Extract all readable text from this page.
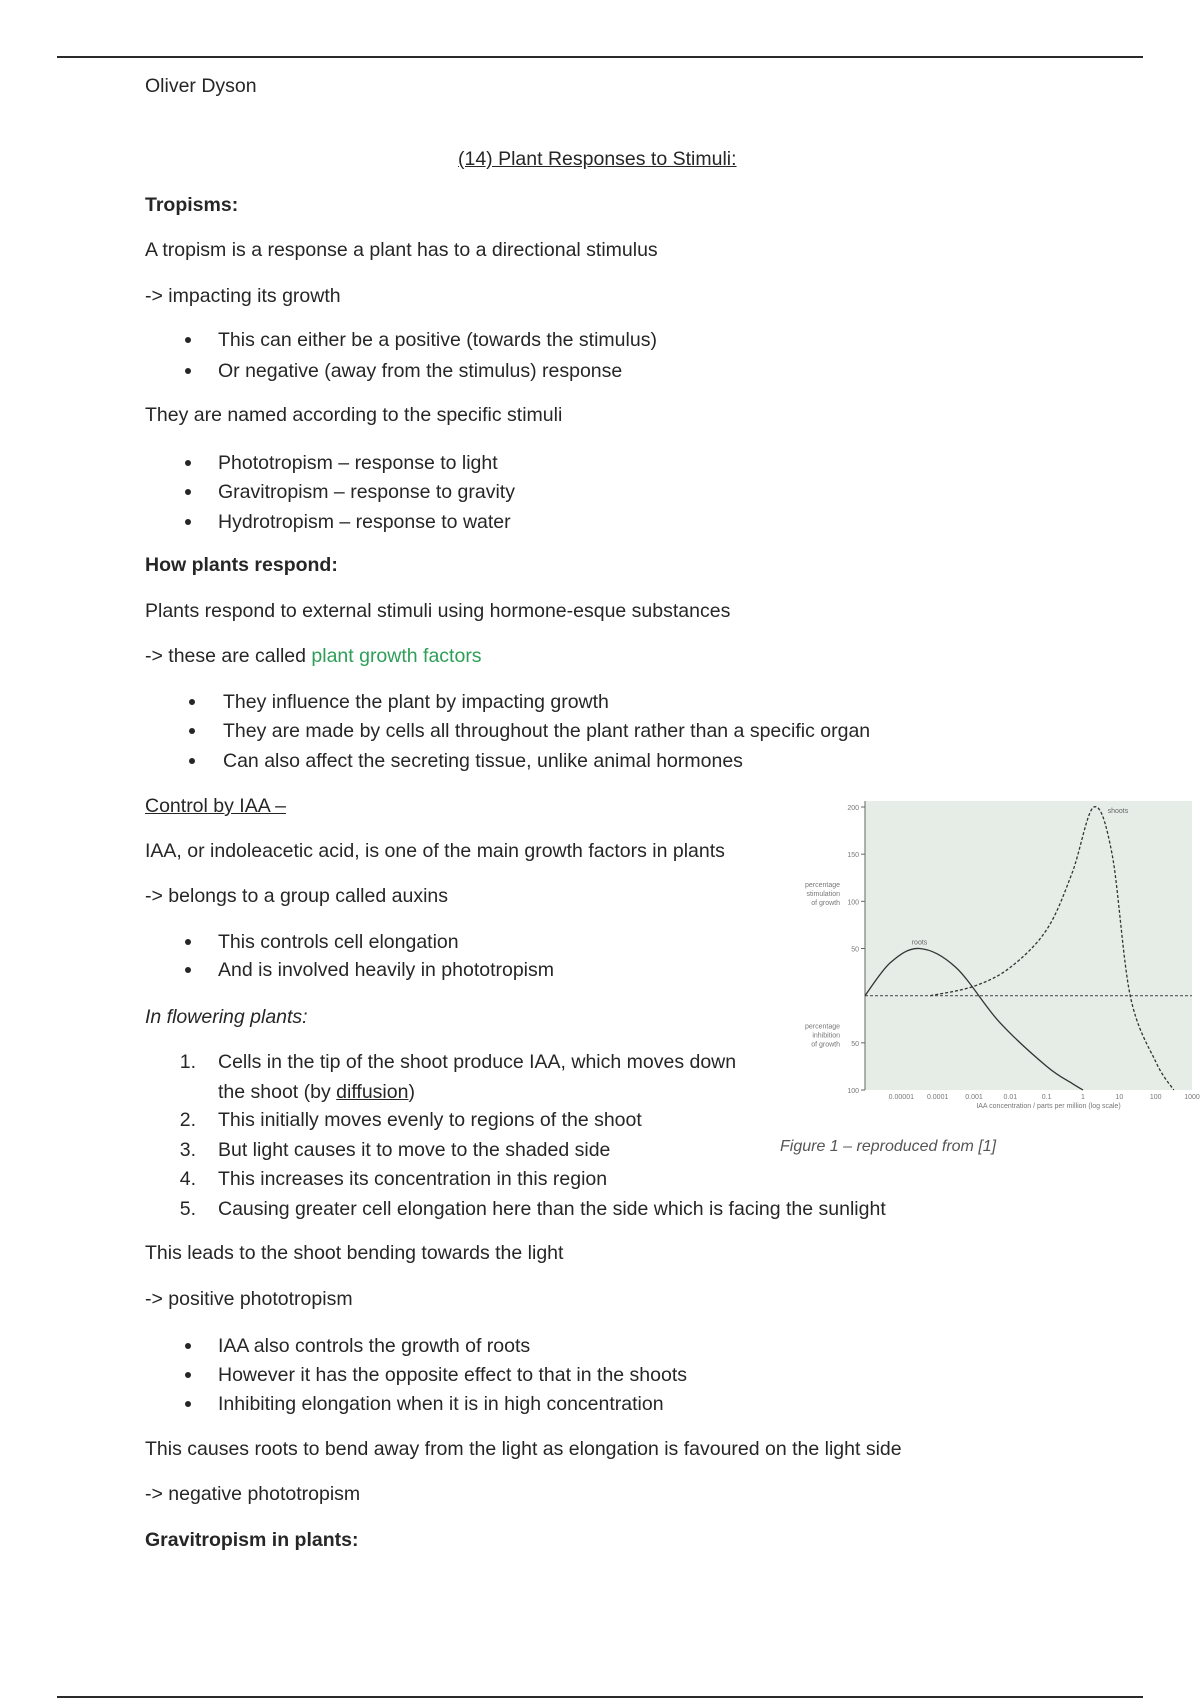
Oliver Dyson
(14) Plant Responses to Stimuli:
Tropisms:
A tropism is a response a plant has to a directional stimulus
-> impacting its growth
This can either be a positive (towards the stimulus)
Or negative (away from the stimulus) response
They are named according to the specific stimuli
Phototropism – response to light
Gravitropism – response to gravity
Hydrotropism – response to water
How plants respond:
Plants respond to external stimuli using hormone-esque substances
-> these are called plant growth factors
They influence the plant by impacting growth
They are made by cells all throughout the plant rather than a specific organ
Can also affect the secreting tissue, unlike animal hormones
Control by IAA –
IAA, or indoleacetic acid, is one of the main growth factors in plants
-> belongs to a group called auxins
This controls cell elongation
And is involved heavily in phototropism
In flowering plants:
1. Cells in the tip of the shoot produce IAA, which moves down
the shoot (by diffusion)
2. This initially moves evenly to regions of the shoot
3. But light causes it to move to the shaded side
4. This increases its concentration in this region
5. Causing greater cell elongation here than the side which is facing the sunlight
This leads to the shoot bending towards the light
-> positive phototropism
IAA also controls the growth of roots
However it has the opposite effect to that in the shoots
Inhibiting elongation when it is in high concentration
This causes roots to bend away from the light as elongation is favoured on the light side
-> negative phototropism
Gravitropism in plants:
200
150
100
50
50
100
percentage stimulation of growth
percentage inhibition of growth
0.00001 0.0001 0.001	0.01	0.1	1	10	100	1000
IAA concentration / parts per million (log scale)
roots
shoots
Figure 1 – reproduced from [1]
